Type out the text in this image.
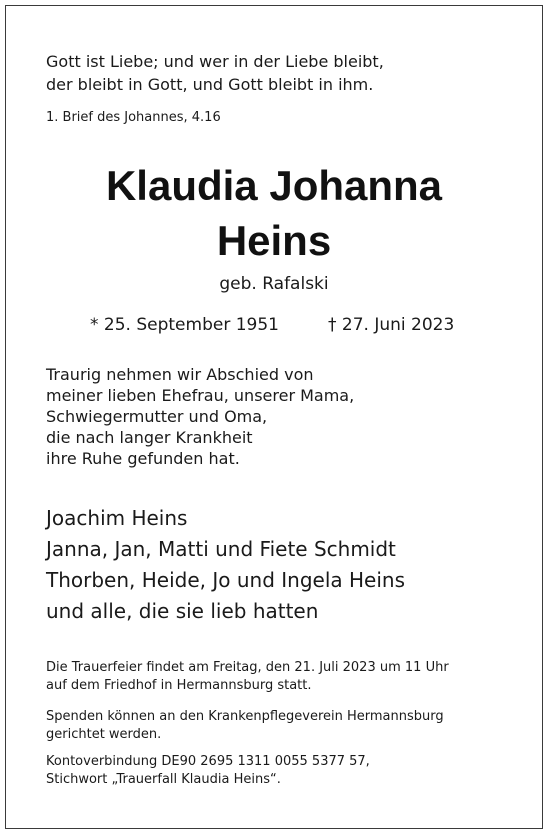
Gott ist Liebe; und wer in der Liebe bleibt,
der bleibt in Gott, und Gott bleibt in ihm.
1. Brief des Johannes, 4.16
Klaudia Johanna
Heins
geb. Rafalski
* 25. September 1951	† 27. Juni 2023
Traurig nehmen wir Abschied von
meiner lieben Ehefrau, unserer Mama,
Schwiegermutter und Oma,
die nach langer Krankheit
ihre Ruhe gefunden hat.
Joachim Heins
Janna, Jan, Matti und Fiete Schmidt
Thorben, Heide, Jo und Ingela Heins
und alle, die sie lieb hatten
Die Trauerfeier findet am Freitag, den 21. Juli 2023 um 11 Uhr
auf dem Friedhof in Hermannsburg statt.
Spenden können an den Krankenpflegeverein Hermannsburg
gerichtet werden.
Kontoverbindung DE90 2695 1311 0055 5377 57,
Stichwort „Trauerfall Klaudia Heins“.
